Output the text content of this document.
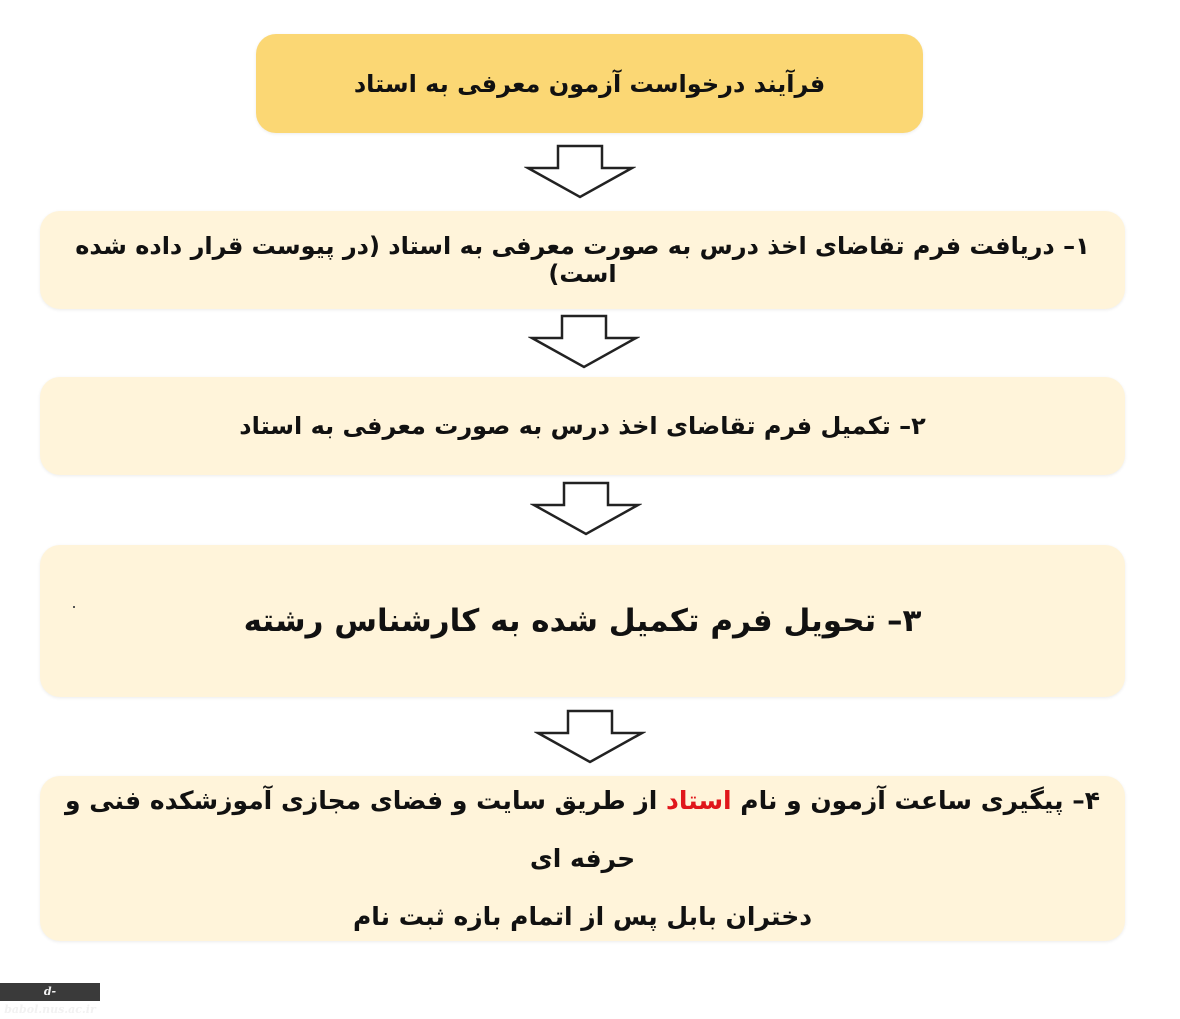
فرآیند درخواست آزمون معرفی به استاد
۱– دریافت فرم تقاضای اخذ درس به صورت معرفی به استاد (در پیوست قرار داده شده است)
۲– تکمیل فرم تقاضای اخذ درس به صورت معرفی به استاد
۳– تحویل فرم تکمیل شده به کارشناس رشته
۴– پیگیری ساعت آزمون و نام استاد از طریق سایت و فضای مجازی آموزشکده فنی و حرفه ای
دختران بابل پس از اتمام بازه ثبت نام
d-babol.nus.ac.ir
